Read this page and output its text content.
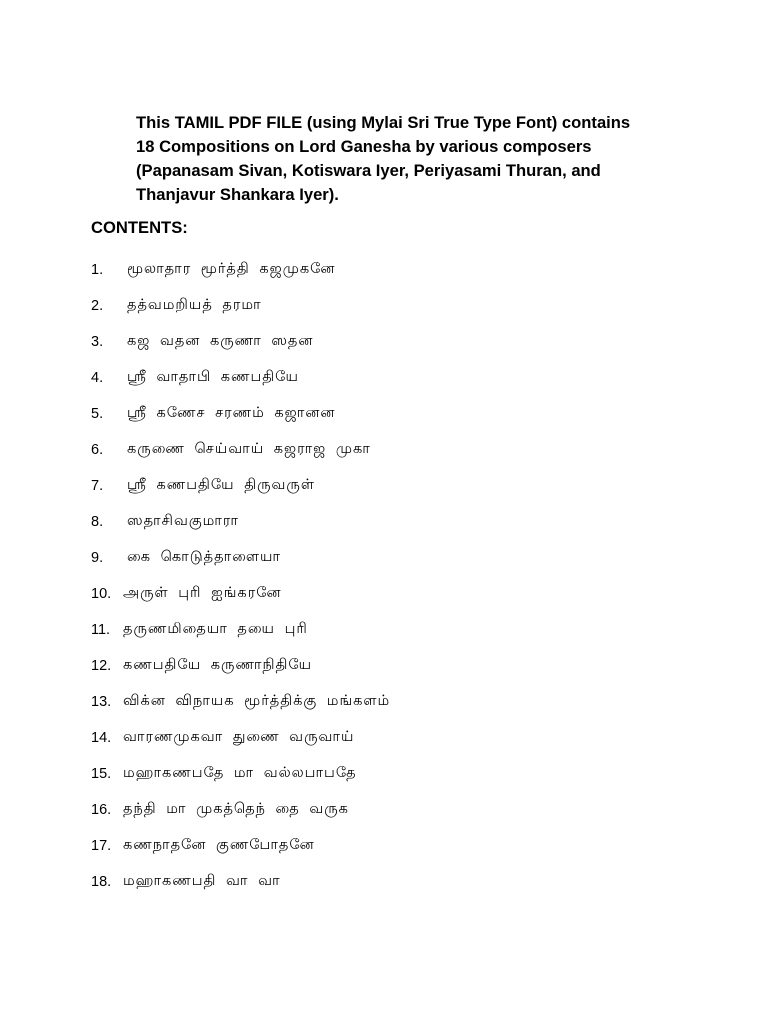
This TAMIL PDF FILE (using Mylai Sri True Type Font) contains
18 Compositions on Lord Ganesha by various composers
(Papanasam Sivan, Kotiswara Iyer, Periyasami Thuran, and
Thanjavur Shankara Iyer).
CONTENTS:
1.	மூலாதார மூர்த்தி கஜமுகனே
2.	தத்வமறியத் தரமா
3.	கஜ வதன கருணா ஸதன
4.	ஸ்ரீ வாதாபி கணபதியே
5.	ஸ்ரீ கணேச சரணம் கஜானன
6.	கருணை செய்வாய் கஜராஜ முகா
7.	ஸ்ரீ கணபதியே திருவருள்
8.	ஸதாசிவகுமாரா
9.	கை கொடுத்தாளையா
10. அருள் புரி ஐங்கரனே
11. தருணமிதையா தயை புரி
12. கணபதியே கருணாநிதியே
13. விக்ன விநாயக மூர்த்திக்கு மங்களம்
14. வாரணமுகவா துணை வருவாய்
15. மஹாகணபதே மா வல்லபாபதே
16. தந்தி மா முகத்தெந் தை வருக
17. கணநாதனே குணபோதனே
18. மஹாகணபதி வா வா
